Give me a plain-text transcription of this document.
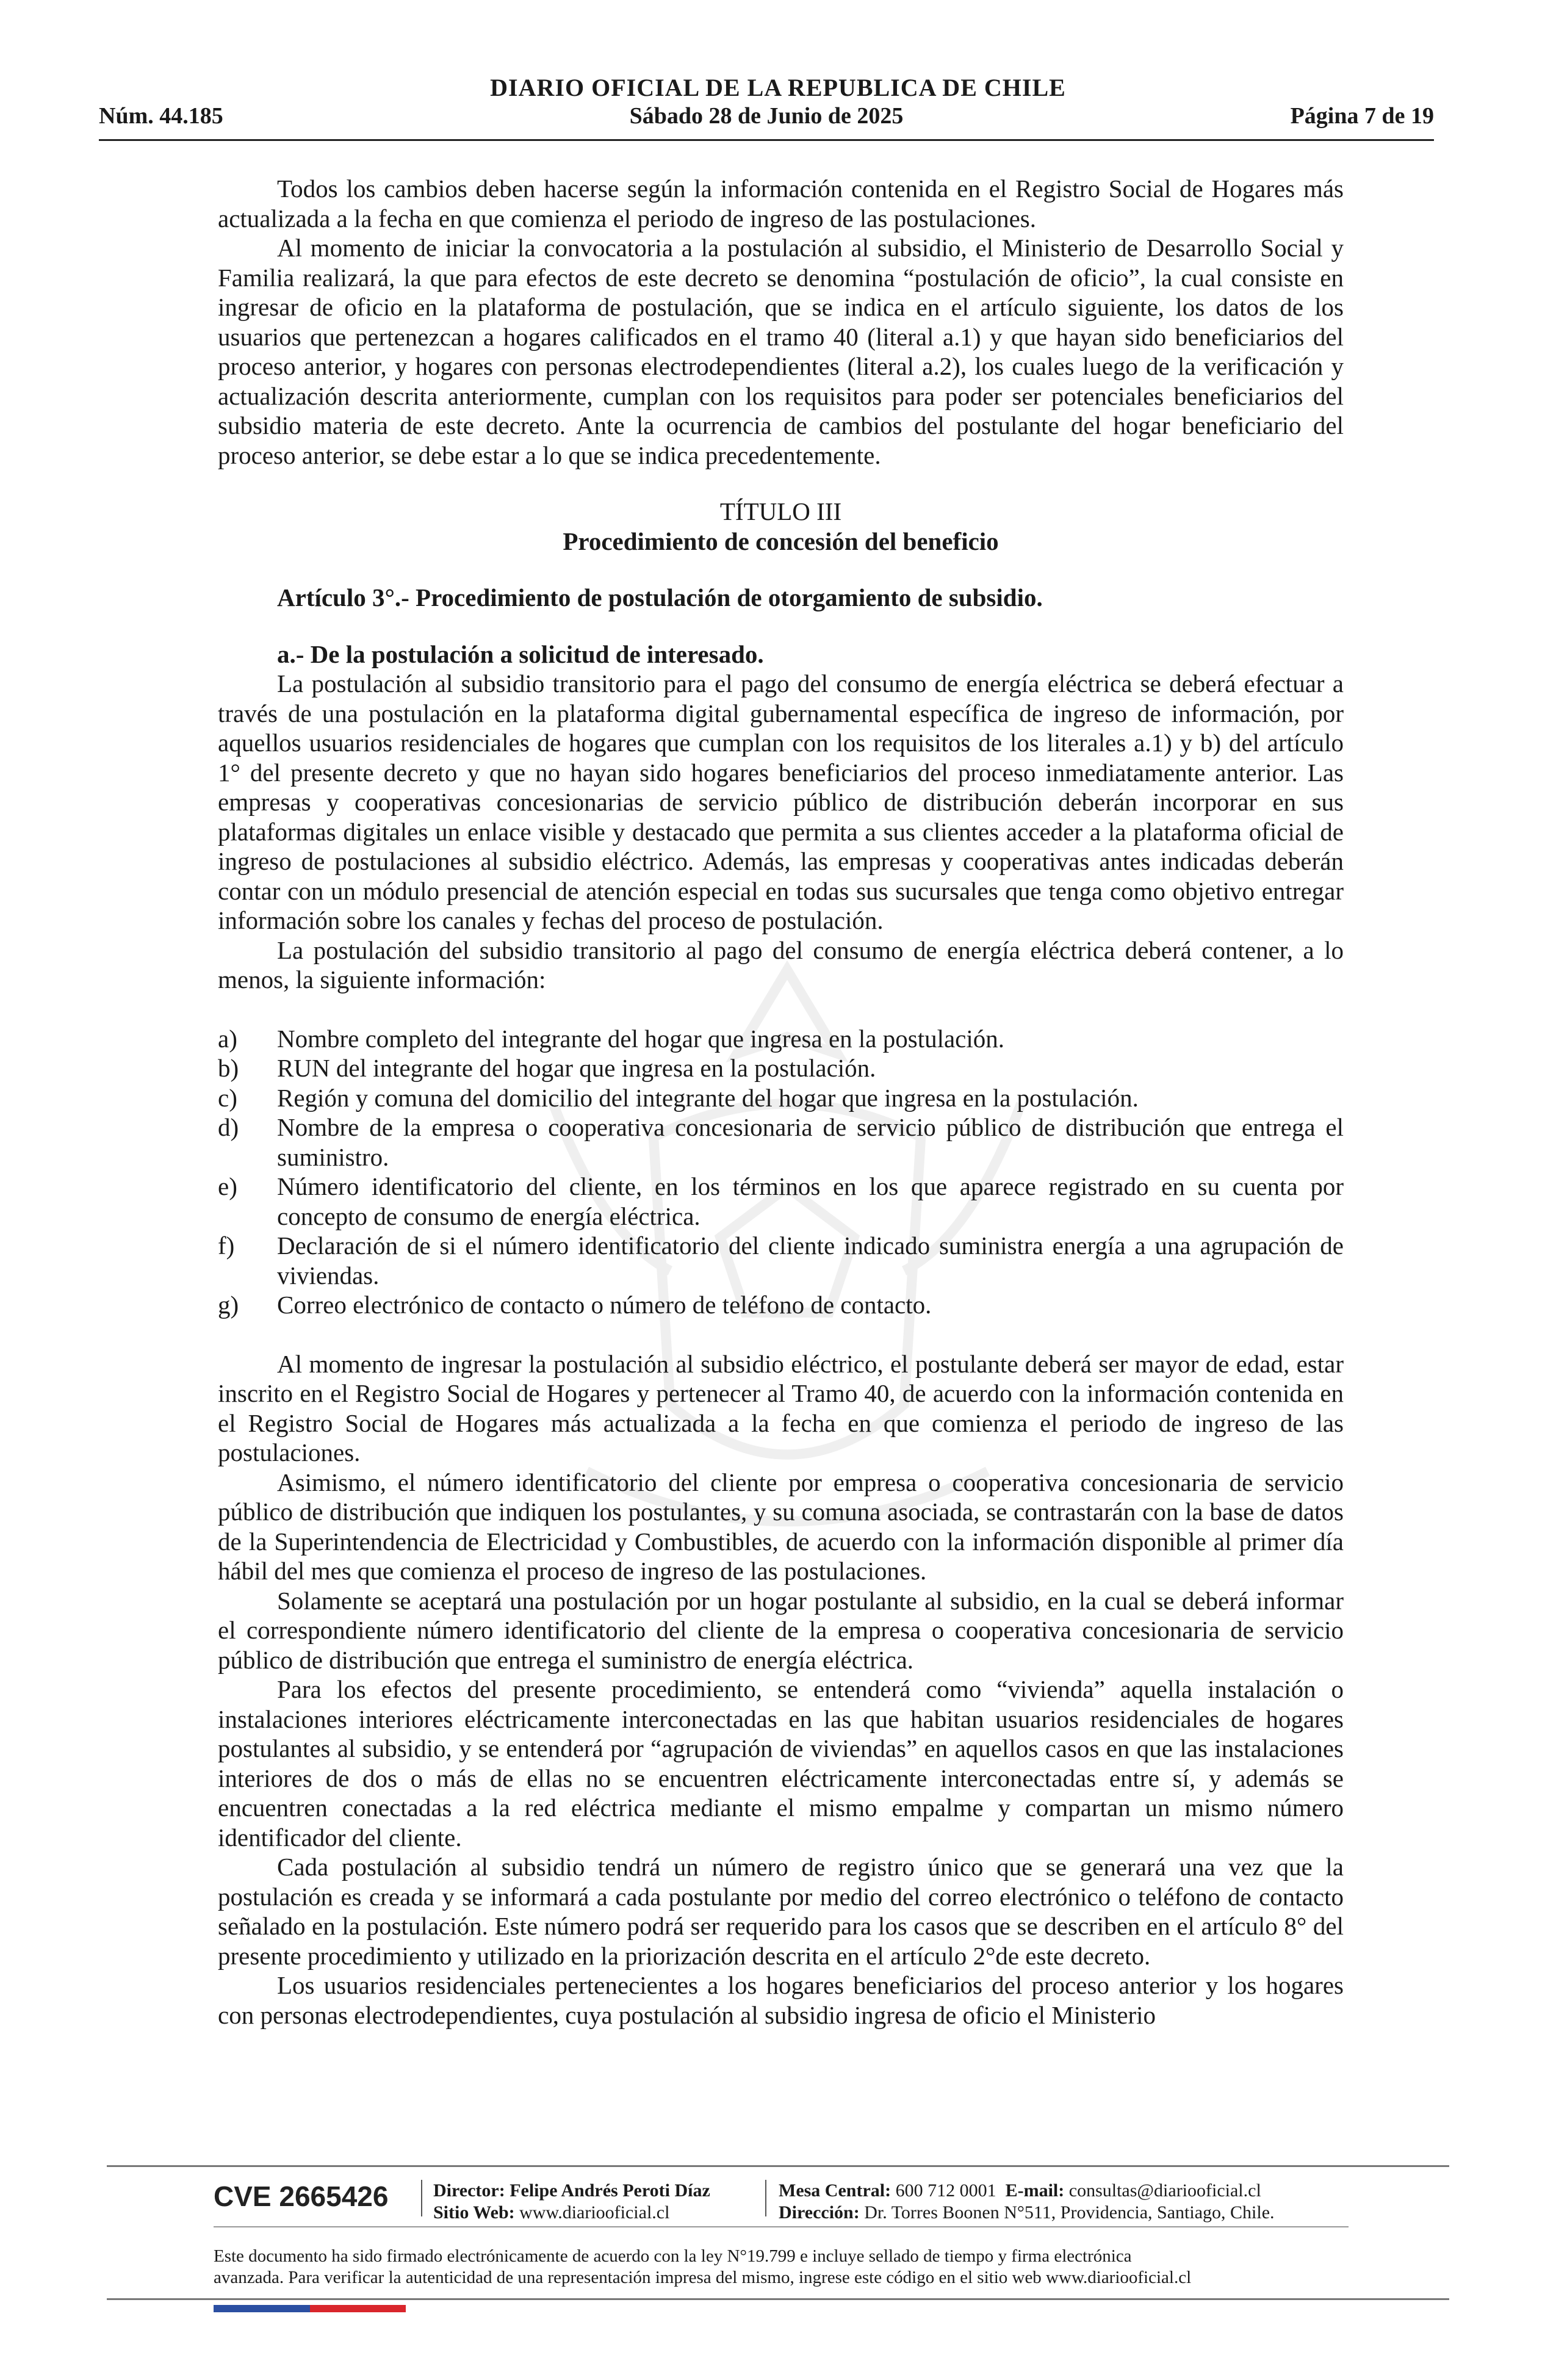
DIARIO OFICIAL DE LA REPUBLICA DE CHILE
Núm. 44.185	Sábado 28 de Junio de 2025	Página 7 de 19

Todos los cambios deben hacerse según la información contenida en el Registro Social de Hogares más actualizada a la fecha en que comienza el periodo de ingreso de las postulaciones.

Al momento de iniciar la convocatoria a la postulación al subsidio, el Ministerio de Desarrollo Social y Familia realizará, la que para efectos de este decreto se denomina “postulación de oficio”, la cual consiste en ingresar de oficio en la plataforma de postulación, que se indica en el artículo siguiente, los datos de los usuarios que pertenezcan a hogares calificados en el tramo 40 (literal a.1) y que hayan sido beneficiarios del proceso anterior, y hogares con personas electrodependientes (literal a.2), los cuales luego de la verificación y actualización descrita anteriormente, cumplan con los requisitos para poder ser potenciales beneficiarios del subsidio materia de este decreto. Ante la ocurrencia de cambios del postulante del hogar beneficiario del proceso anterior, se debe estar a lo que se indica precedentemente.

TÍTULO III

Procedimiento de concesión del beneficio

Artículo 3°.- Procedimiento de postulación de otorgamiento de subsidio.

a.- De la postulación a solicitud de interesado.

La postulación al subsidio transitorio para el pago del consumo de energía eléctrica se deberá efectuar a través de una postulación en la plataforma digital gubernamental específica de ingreso de información, por aquellos usuarios residenciales de hogares que cumplan con los requisitos de los literales a.1) y b) del artículo 1° del presente decreto y que no hayan sido hogares beneficiarios del proceso inmediatamente anterior. Las empresas y cooperativas concesionarias de servicio público de distribución deberán incorporar en sus plataformas digitales un enlace visible y destacado que permita a sus clientes acceder a la plataforma oficial de ingreso de postulaciones al subsidio eléctrico. Además, las empresas y cooperativas antes indicadas deberán contar con un módulo presencial de atención especial en todas sus sucursales que tenga como objetivo entregar información sobre los canales y fechas del proceso de postulación.

La postulación del subsidio transitorio al pago del consumo de energía eléctrica deberá contener, a lo menos, la siguiente información:

a) Nombre completo del integrante del hogar que ingresa en la postulación.
b) RUN del integrante del hogar que ingresa en la postulación.
c) Región y comuna del domicilio del integrante del hogar que ingresa en la postulación.
d) Nombre de la empresa o cooperativa concesionaria de servicio público de distribución que entrega el suministro.
e) Número identificatorio del cliente, en los términos en los que aparece registrado en su cuenta por concepto de consumo de energía eléctrica.
f) Declaración de si el número identificatorio del cliente indicado suministra energía a una agrupación de viviendas.
g) Correo electrónico de contacto o número de teléfono de contacto.

Al momento de ingresar la postulación al subsidio eléctrico, el postulante deberá ser mayor de edad, estar inscrito en el Registro Social de Hogares y pertenecer al Tramo 40, de acuerdo con la información contenida en el Registro Social de Hogares más actualizada a la fecha en que comienza el periodo de ingreso de las postulaciones.

Asimismo, el número identificatorio del cliente por empresa o cooperativa concesionaria de servicio público de distribución que indiquen los postulantes, y su comuna asociada, se contrastarán con la base de datos de la Superintendencia de Electricidad y Combustibles, de acuerdo con la información disponible al primer día hábil del mes que comienza el proceso de ingreso de las postulaciones.

Solamente se aceptará una postulación por un hogar postulante al subsidio, en la cual se deberá informar el correspondiente número identificatorio del cliente de la empresa o cooperativa concesionaria de servicio público de distribución que entrega el suministro de energía eléctrica.

Para los efectos del presente procedimiento, se entenderá como “vivienda” aquella instalación o instalaciones interiores eléctricamente interconectadas en las que habitan usuarios residenciales de hogares postulantes al subsidio, y se entenderá por “agrupación de viviendas” en aquellos casos en que las instalaciones interiores de dos o más de ellas no se encuentren eléctricamente interconectadas entre sí, y además se encuentren conectadas a la red eléctrica mediante el mismo empalme y compartan un mismo número identificador del cliente.

Cada postulación al subsidio tendrá un número de registro único que se generará una vez que la postulación es creada y se informará a cada postulante por medio del correo electrónico o teléfono de contacto señalado en la postulación. Este número podrá ser requerido para los casos que se describen en el artículo 8° del presente procedimiento y utilizado en la priorización descrita en el artículo 2°de este decreto.

Los usuarios residenciales pertenecientes a los hogares beneficiarios del proceso anterior y los hogares con personas electrodependientes, cuya postulación al subsidio ingresa de oficio el Ministerio

CVE 2665426 Director: Felipe Andrés Peroti Díaz
Sitio Web: www.diariooficial.cl
Mesa Central: 600 712 0001 E-mail: consultas@diariooficial.cl
Dirección: Dr. Torres Boonen N°511, Providencia, Santiago, Chile.
Este documento ha sido firmado electrónicamente de acuerdo con la ley N°19.799 e incluye sellado de tiempo y firma electrónica
avanzada. Para verificar la autenticidad de una representación impresa del mismo, ingrese este código en el sitio web www.diariooficial.cl
